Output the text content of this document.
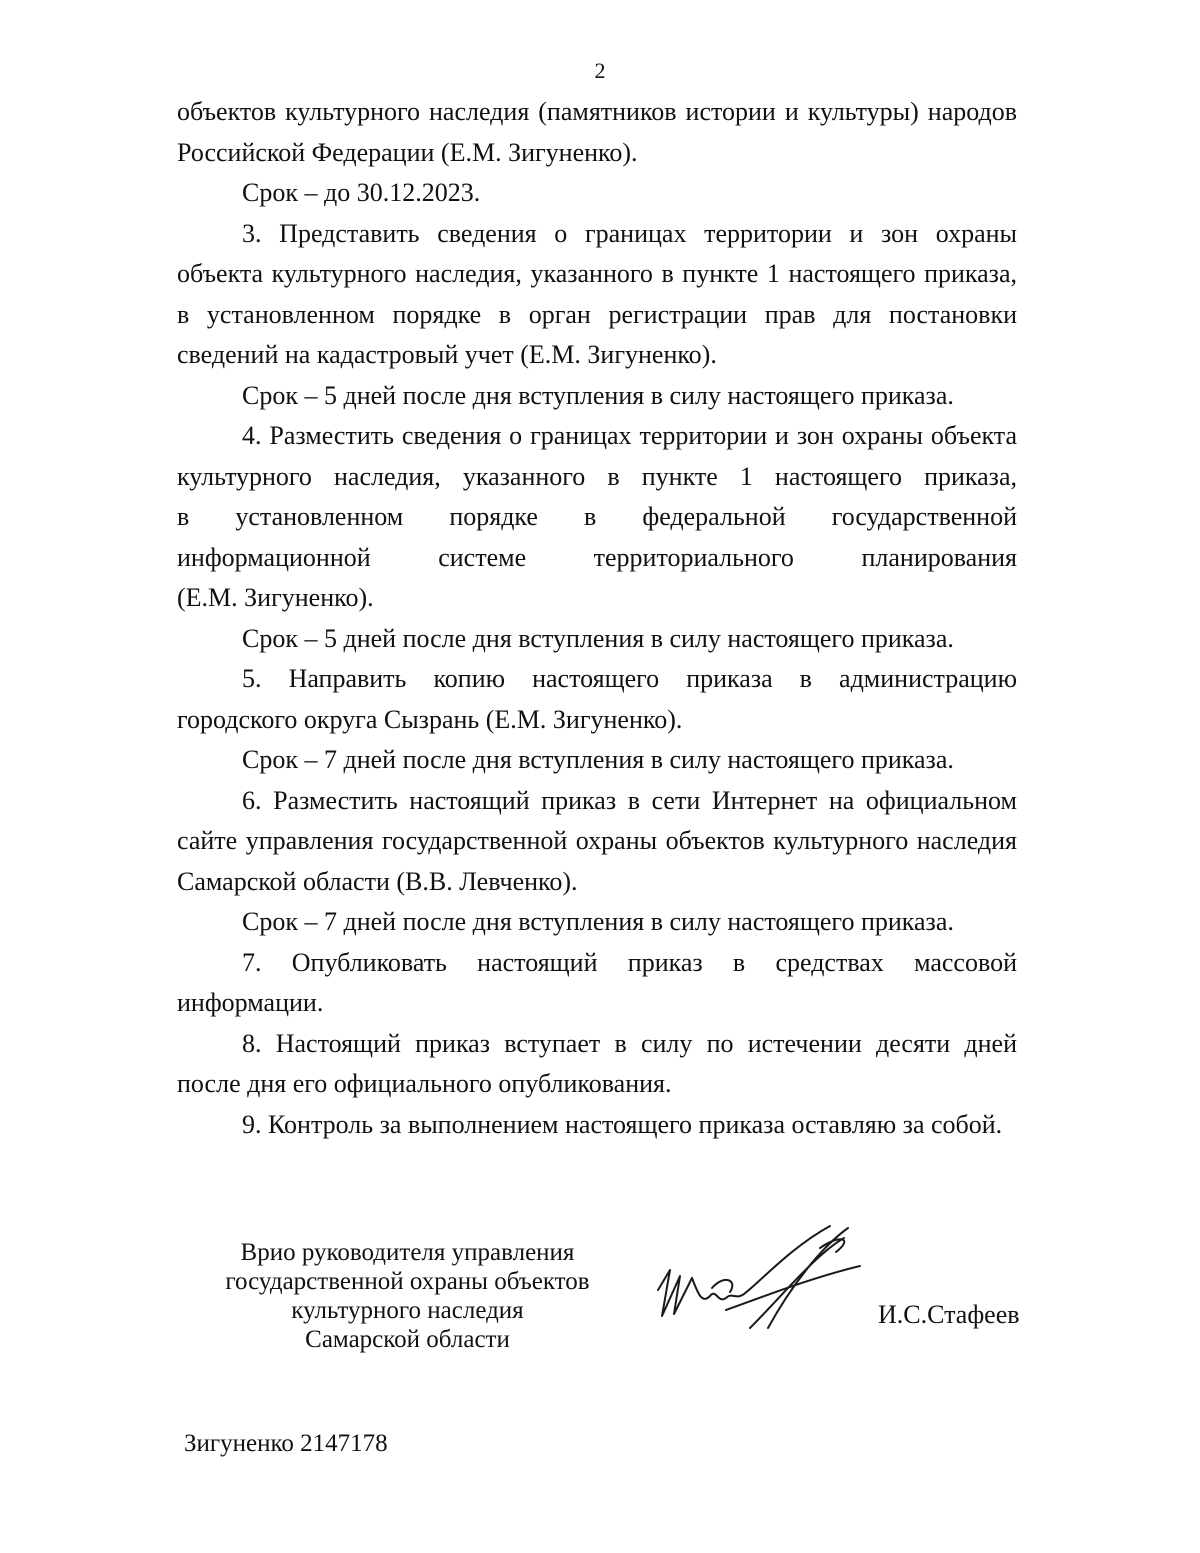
2

объектов культурного наследия (памятников истории и культуры) народов Российской Федерации (Е.М. Зигуненко).

Срок – до 30.12.2023.

3. Представить сведения о границах территории и зон охраны объекта культурного наследия, указанного в пункте 1 настоящего приказа, в установленном порядке в орган регистрации прав для постановки сведений на кадастровый учет (Е.М. Зигуненко).

Срок – 5 дней после дня вступления в силу настоящего приказа.

4. Разместить сведения о границах территории и зон охраны объекта культурного наследия, указанного в пункте 1 настоящего приказа,

в установленном порядке в федеральной государственной

информационной системе территориального планирования

(Е.М. Зигуненко).

Срок – 5 дней после дня вступления в силу настоящего приказа.

5. Направить копию настоящего приказа в администрацию городского округа Сызрань (Е.М. Зигуненко).

Срок – 7 дней после дня вступления в силу настоящего приказа.

6. Разместить настоящий приказ в сети Интернет на официальном сайте управления государственной охраны объектов культурного наследия Самарской области (В.В. Левченко).

Срок – 7 дней после дня вступления в силу настоящего приказа.

7. Опубликовать настоящий приказ в средствах массовой информации.

8. Настоящий приказ вступает в силу по истечении десяти дней после дня его официального опубликования.

9. Контроль за выполнением настоящего приказа оставляю за собой.

Врио руководителя управления
государственной охраны объектов
культурного наследия
Самарской области
И.С.Стафеев
Зигуненко 2147178
